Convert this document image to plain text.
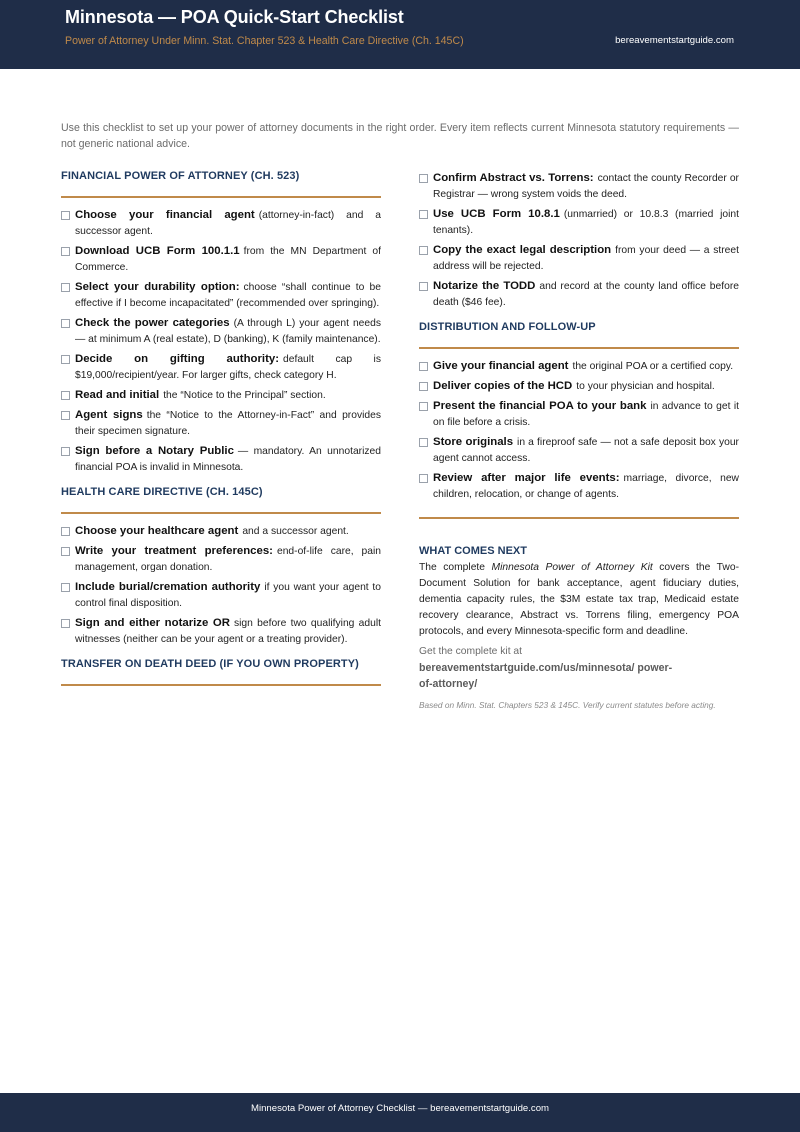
Minnesota — POA Quick-Start Checklist
Power of Attorney Under Minn. Stat. Chapter 523 & Health Care Directive (Ch. 145C)	bereavementstartguide.com
Use this checklist to set up your power of attorney documents in the right order. Every item reflects current Minnesota statutory requirements — not generic national advice.
FINANCIAL POWER OF ATTORNEY (CH. 523)
Choose your financial agent (attorney-in-fact) and a successor agent.
Download UCB Form 100.1.1 from the MN Department of Commerce.
Select your durability option: choose “shall continue to be effective if I become incapacitated” (recommended over springing).
Check the power categories (A through L) your agent needs — at minimum A (real estate), D (banking), K (family maintenance).
Decide on gifting authority: default cap is $19,000/recipient/year. For larger gifts, check category H.
Read and initial the “Notice to the Principal” section.
Agent signs the “Notice to the Attorney-in-Fact” and provides their specimen signature.
Sign before a Notary Public — mandatory. An unnotarized financial POA is invalid in Minnesota.
HEALTH CARE DIRECTIVE (CH. 145C)
Choose your healthcare agent and a successor agent.
Write your treatment preferences: end-of-life care, pain management, organ donation.
Include burial/cremation authority if you want your agent to control final disposition.
Sign and either notarize OR sign before two qualifying adult witnesses (neither can be your agent or a treating provider).
TRANSFER ON DEATH DEED (IF YOU OWN PROPERTY)
Confirm Abstract vs. Torrens: contact the county Recorder or Registrar — wrong system voids the deed.
Use UCB Form 10.8.1 (unmarried) or 10.8.3 (married joint tenants).
Copy the exact legal description from your deed — a street address will be rejected.
Notarize the TODD and record at the county land office before death ($46 fee).
DISTRIBUTION AND FOLLOW-UP
Give your financial agent the original POA or a certified copy.
Deliver copies of the HCD to your physician and hospital.
Present the financial POA to your bank in advance to get it on file before a crisis.
Store originals in a fireproof safe — not a safe deposit box your agent cannot access.
Review after major life events: marriage, divorce, new children, relocation, or change of agents.
WHAT COMES NEXT
The complete Minnesota Power of Attorney Kit covers the Two-Document Solution for bank acceptance, agent fiduciary duties, dementia capacity rules, the $3M estate tax trap, Medicaid estate recovery clearance, Abstract vs. Torrens filing, emergency POA protocols, and every Minnesota-specific form and deadline.
Get the complete kit at
bereavementstartguide.com/us/minnesota/ power-of-attorney/
Based on Minn. Stat. Chapters 523 & 145C. Verify current statutes before acting.
Minnesota Power of Attorney Checklist — bereavementstartguide.com
